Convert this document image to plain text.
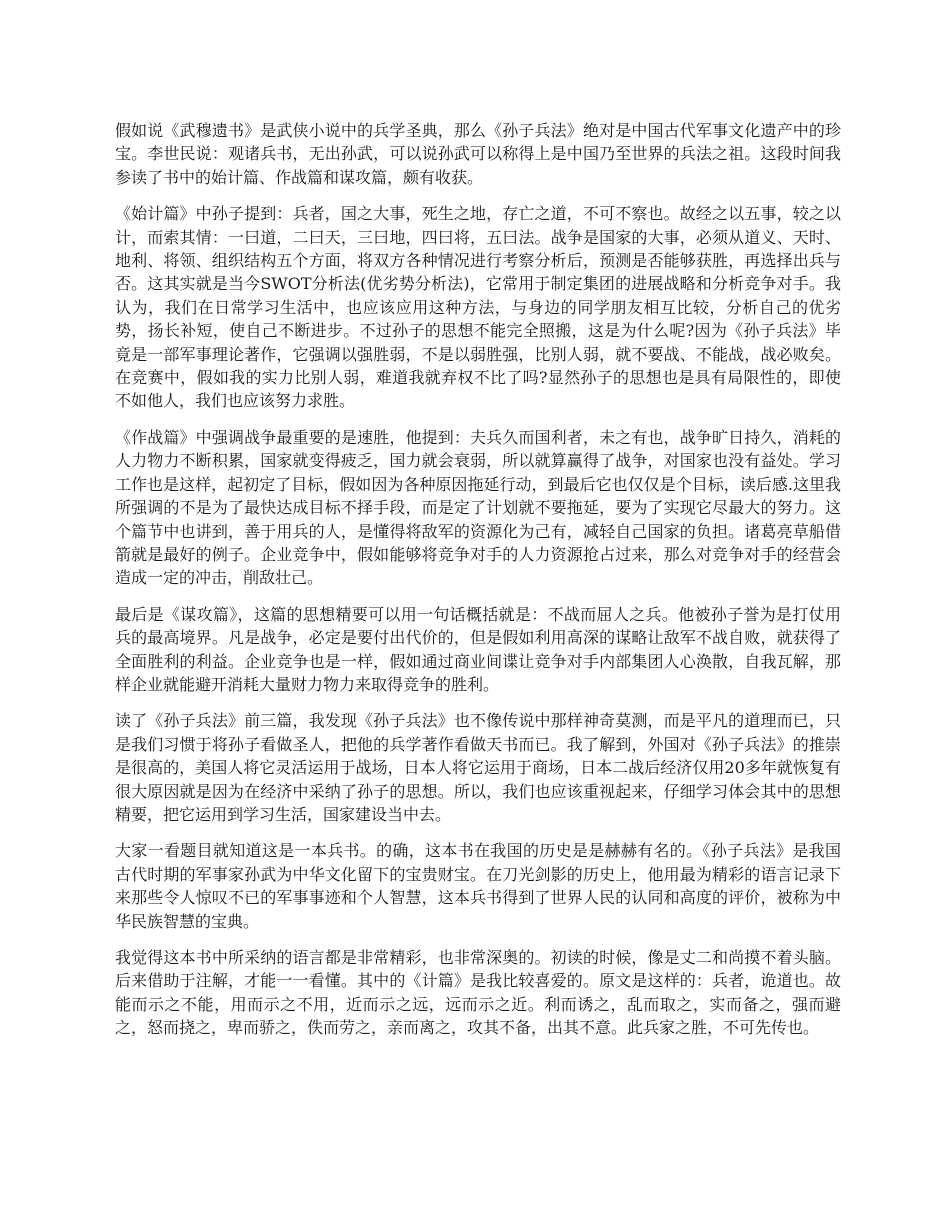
假如说《武穆遗书》是武侠小说中的兵学圣典，那么《孙子兵法》绝对是中国古代军事文化遗产中的珍宝。李世民说：观诸兵书，无出孙武，可以说孙武可以称得上是中国乃至世界的兵法之祖。这段时间我参读了书中的始计篇、作战篇和谋攻篇，颇有收获。

《始计篇》中孙子提到：兵者，国之大事，死生之地，存亡之道，不可不察也。故经之以五事，较之以计，而索其情：一曰道，二曰天，三曰地，四曰将，五曰法。战争是国家的大事，必须从道义、天时、地利、将领、组织结构五个方面，将双方各种情况进行考察分析后，预测是否能够获胜，再选择出兵与否。这其实就是当今SWOT分析法(优劣势分析法)，它常用于制定集团的进展战略和分析竞争对手。我认为，我们在日常学习生活中，也应该应用这种方法，与身边的同学朋友相互比较，分析自己的优劣势，扬长补短，使自己不断进步。不过孙子的思想不能完全照搬，这是为什么呢?因为《孙子兵法》毕竟是一部军事理论著作，它强调以强胜弱，不是以弱胜强，比别人弱，就不要战、不能战，战必败矣。在竞赛中，假如我的实力比别人弱，难道我就弃权不比了吗?显然孙子的思想也是具有局限性的，即使不如他人，我们也应该努力求胜。

《作战篇》中强调战争最重要的是速胜，他提到：夫兵久而国利者，未之有也，战争旷日持久，消耗的人力物力不断积累，国家就变得疲乏，国力就会衰弱，所以就算赢得了战争，对国家也没有益处。学习工作也是这样，起初定了目标，假如因为各种原因拖延行动，到最后它也仅仅是个目标，读后感.这里我所强调的不是为了最快达成目标不择手段，而是定了计划就不要拖延，要为了实现它尽最大的努力。这个篇节中也讲到，善于用兵的人，是懂得将敌军的资源化为己有，减轻自己国家的负担。诸葛亮草船借箭就是最好的例子。企业竞争中，假如能够将竞争对手的人力资源抢占过来，那么对竞争对手的经营会造成一定的冲击，削敌壮己。

最后是《谋攻篇》，这篇的思想精要可以用一句话概括就是：不战而屈人之兵。他被孙子誉为是打仗用兵的最高境界。凡是战争，必定是要付出代价的，但是假如利用高深的谋略让敌军不战自败，就获得了全面胜利的利益。企业竞争也是一样，假如通过商业间谍让竞争对手内部集团人心涣散，自我瓦解，那样企业就能避开消耗大量财力物力来取得竞争的胜利。

读了《孙子兵法》前三篇，我发现《孙子兵法》也不像传说中那样神奇莫测，而是平凡的道理而已，只是我们习惯于将孙子看做圣人，把他的兵学著作看做天书而已。我了解到，外国对《孙子兵法》的推崇是很高的，美国人将它灵活运用于战场，日本人将它运用于商场，日本二战后经济仅用20多年就恢复有很大原因就是因为在经济中采纳了孙子的思想。所以，我们也应该重视起来，仔细学习体会其中的思想精要，把它运用到学习生活，国家建设当中去。

大家一看题目就知道这是一本兵书。的确，这本书在我国的历史是是赫赫有名的。《孙子兵法》是我国古代时期的军事家孙武为中华文化留下的宝贵财宝。在刀光剑影的历史上，他用最为精彩的语言记录下来那些令人惊叹不已的军事事迹和个人智慧，这本兵书得到了世界人民的认同和高度的评价，被称为中华民族智慧的宝典。

我觉得这本书中所采纳的语言都是非常精彩，也非常深奥的。初读的时候，像是丈二和尚摸不着头脑。后来借助于注解，才能一一看懂。其中的《计篇》是我比较喜爱的。原文是这样的：兵者，诡道也。故能而示之不能，用而示之不用，近而示之远，远而示之近。利而诱之，乱而取之，实而备之，强而避之，怒而挠之，卑而骄之，佚而劳之，亲而离之，攻其不备，出其不意。此兵家之胜，不可先传也。
